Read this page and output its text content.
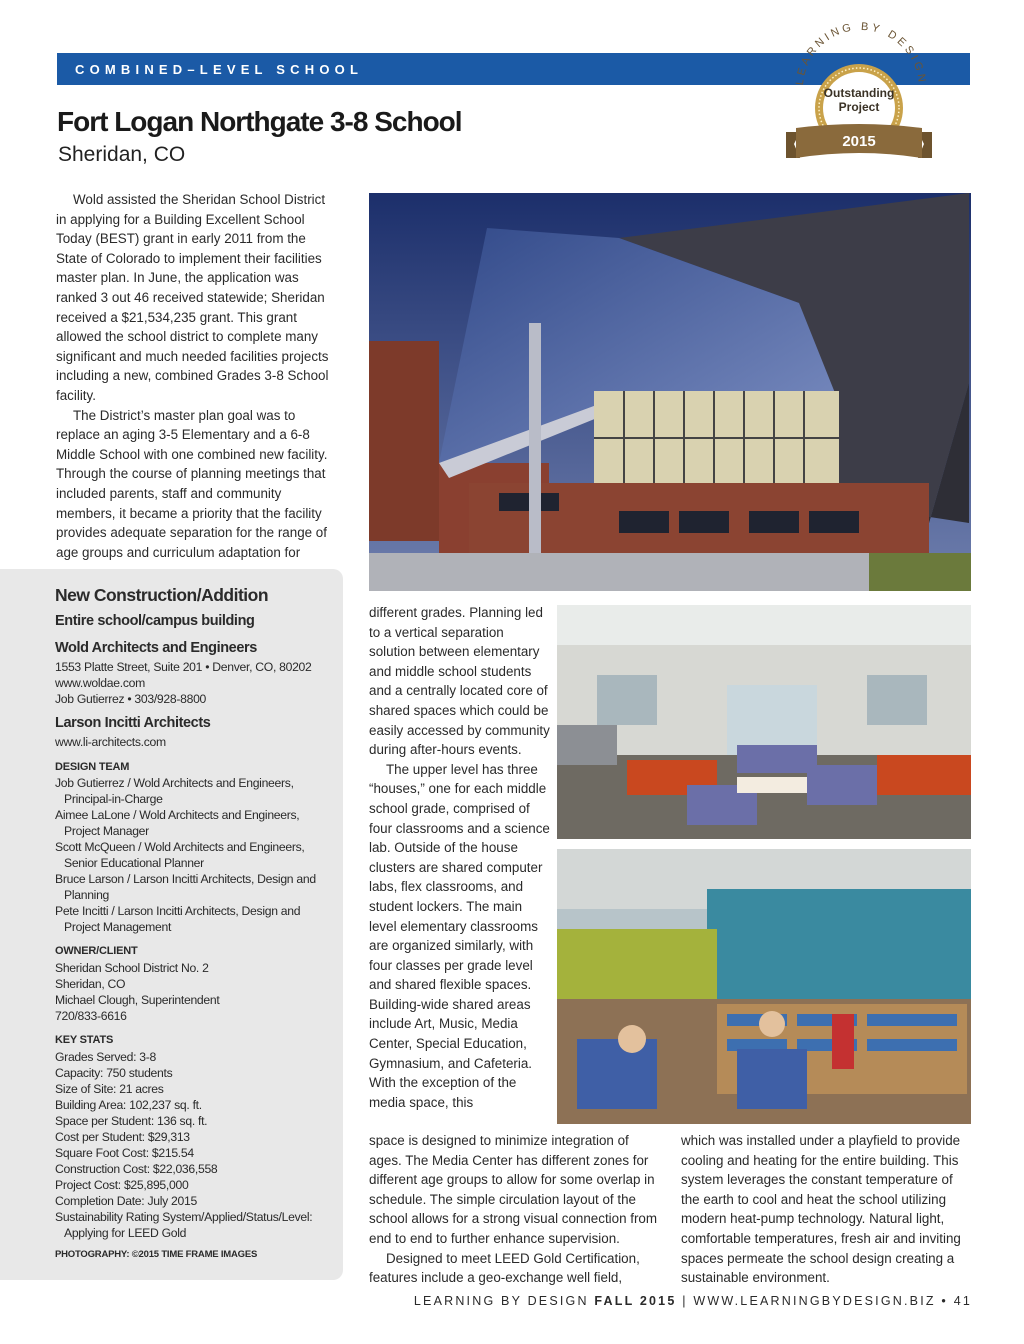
COMBINED–LEVEL SCHOOL
LEARNING BY DESIGN
Outstanding
Project
2015
Fort Logan Northgate 3-8 School
Sheridan, CO

Wold assisted the Sheridan School District in applying for a Building Excellent School Today (BEST) grant in early 2011 from the State of Colorado to implement their facilities master plan. In June, the application was ranked 3 out 46 received statewide; Sheridan received a $21,534,235 grant. This grant allowed the school district to complete many significant and much needed facilities projects including a new, combined Grades 3-8 School facility.

The District’s master plan goal was to replace an aging 3-5 Elementary and a 6-8 Middle School with one combined new facility. Through the course of planning meetings that included parents, staff and community members, it became a priority that the facility provides adequate separation for the range of age groups and curriculum adaptation for

different grades. Planning led to a vertical separation solution between elementary and middle school students and a centrally located core of shared spaces which could be easily accessed by community during after-hours events.

The upper level has three “houses,” one for each middle school grade, comprised of four classrooms and a science lab. Outside of the house clusters are shared computer labs, flex classrooms, and student lockers. The main level elementary classrooms are organized similarly, with four classes per grade level and shared flexible spaces. Building-wide shared areas include Art, Music, Media Center, Special Education, Gymnasium, and Cafeteria. With the exception of the media space, this

space is designed to minimize integration of ages. The Media Center has different zones for different age groups to allow for some overlap in schedule. The simple circulation layout of the school allows for a strong visual connection from end to end to further enhance supervision.

Designed to meet LEED Gold Certification, features include a geo-exchange well field,

which was installed under a playfield to provide cooling and heating for the entire building. This system leverages the constant temperature of the earth to cool and heat the school utilizing modern heat-pump technology. Natural light, comfortable temperatures, fresh air and inviting spaces permeate the school design creating a sustainable environment.

New Construction/Addition
Entire school/campus building
Wold Architects and Engineers
1553 Platte Street, Suite 201 • Denver, CO, 80202
www.woldae.com
Job Gutierrez • 303/928-8800
Larson Incitti Architects
www.li-architects.com
DESIGN TEAM
Job Gutierrez / Wold Architects and Engineers,
Principal-in-Charge
Aimee LaLone / Wold Architects and Engineers,
Project Manager
Scott McQueen / Wold Architects and Engineers,
Senior Educational Planner
Bruce Larson / Larson Incitti Architects, Design and
Planning
Pete Incitti / Larson Incitti Architects, Design and
Project Management
OWNER/CLIENT
Sheridan School District No. 2
Sheridan, CO
Michael Clough, Superintendent
720/833-6616
KEY STATS
Grades Served: 3-8
Capacity: 750 students
Size of Site: 21 acres
Building Area: 102,237 sq. ft.
Space per Student: 136 sq. ft.
Cost per Student: $29,313
Square Foot Cost: $215.54
Construction Cost: $22,036,558
Project Cost: $25,895,000
Completion Date: July 2015
Sustainability Rating System/Applied/Status/Level:
Applying for LEED Gold
PHOTOGRAPHY: ©2015 TIME FRAME IMAGES
LEARNING BY DESIGN FALL 2015 | WWW.LEARNINGBYDESIGN.BIZ • 41
